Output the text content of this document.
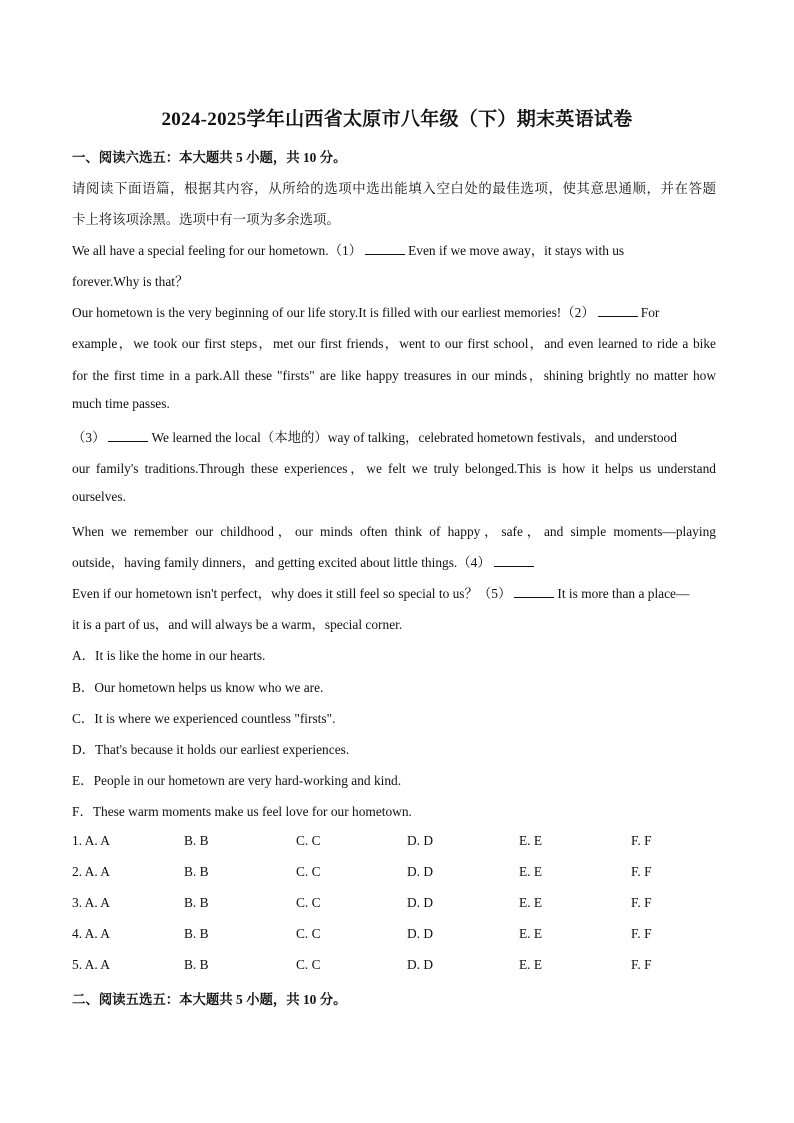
2024-2025学年山西省太原市八年级（下）期末英语试卷
一、阅读六选五：本大题共 5 小题，共 10 分。
请阅读下面语篇，根据其内容，从所给的选项中选出能填入空白处的最佳选项，使其意思通顺，并在答题
卡上将该项涂黑。选项中有一项为多余选项。
We all have a special feeling for our hometown.（1）	Even if we move away，it stays with us
forever.Why is that？
Our hometown is the very beginning of our life story.It is filled with our earliest memories!（2）	For
example，we took our first steps，met our first friends，went to our first school，and even learned to ride a bike
for the first time in a park.All these "firsts" are like happy treasures in our minds，shining brightly no matter how
much time passes.
（3）	We learned the local（本地的）way of talking，celebrated hometown festivals，and understood
our family's traditions.Through these experiences，we felt we truly belonged.This is how it helps us understand
ourselves.
When we remember our childhood，our minds often think of happy，safe，and simple moments—playing
outside，having family dinners，and getting excited about little things.（4）
Even if our hometown isn't perfect，why does it still feel so special to us？（5）	It is more than a place—
it is a part of us，and will always be a warm，special corner.
A．It is like the home in our hearts.
B．Our hometown helps us know who we are.
C．It is where we experienced countless "firsts".
D．That's because it holds our earliest experiences.
E．People in our hometown are very hard-working and kind.
F．These warm moments make us feel love for our hometown.
1. A. A	B. B	C. C	D. D	E. E	F. F
2. A. A	B. B	C. C	D. D	E. E	F. F
3. A. A	B. B	C. C	D. D	E. E	F. F
4. A. A	B. B	C. C	D. D	E. E	F. F
5. A. A	B. B	C. C	D. D	E. E	F. F
二、阅读五选五：本大题共 5 小题，共 10 分。
